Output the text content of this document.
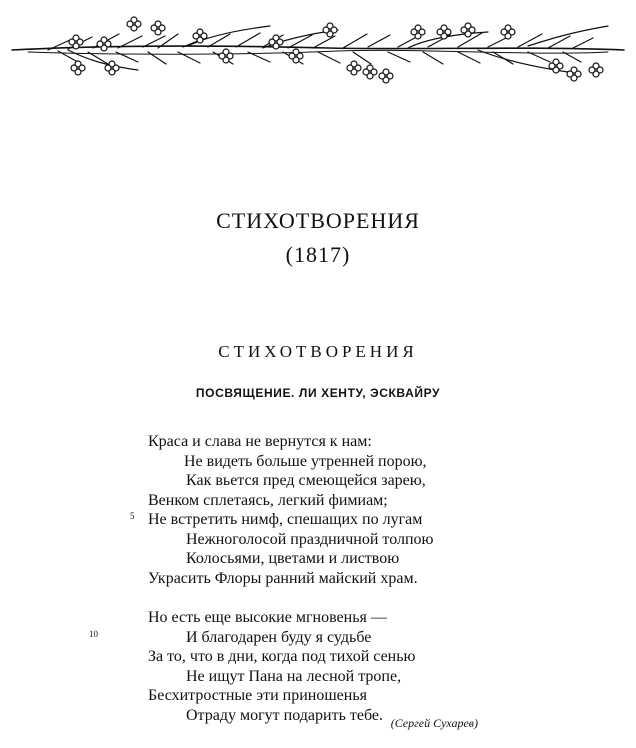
СТИХОТВОРЕНИЯ
(1817)
СТИХОТВОРЕНИЯ
ПОСВЯЩЕНИЕ. ЛИ ХЕНТУ, ЭСКВАЙРУ
Краса и слава не вернутся к нам:
Не видеть больше утренней порою,
Как вьется пред смеющейся зарею,
Венком сплетаясь, легкий фимиам;
5 Не встретить нимф, спешащих по лугам
Нежноголосой праздничной толпою
Колосьями, цветами и листвою
Украсить Флоры ранний майский храм.
Но есть еще высокие мгновенья —
10	И благодарен буду я судьбе
За то, что в дни, когда под тихой сенью
Не ищут Пана на лесной тропе,
Бесхитростные эти приношенья
Отраду могут подарить тебе. (Сергей Сухарев)
